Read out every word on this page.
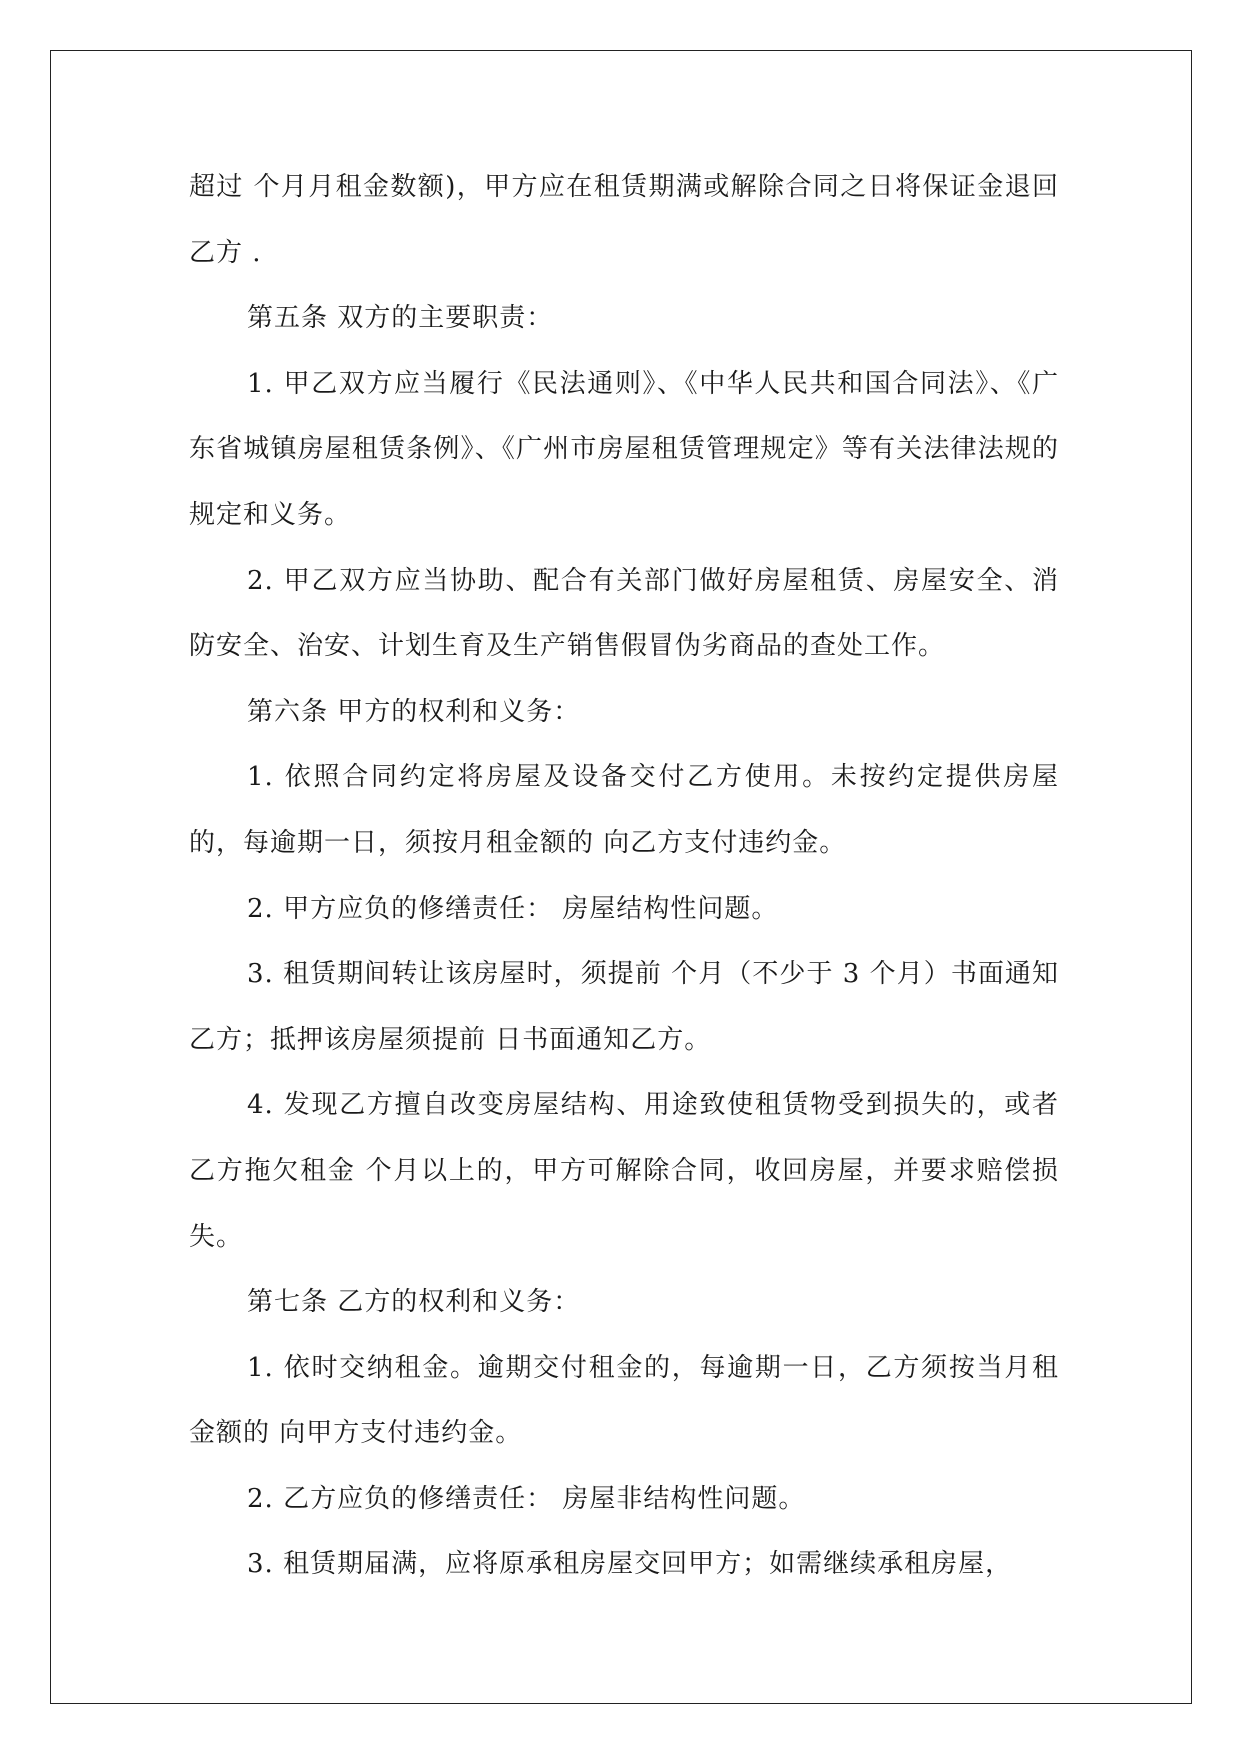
超过 个月月租金数额)，甲方应在租赁期满或解除合同之日将保证金退回乙方 .

第五条 双方的主要职责：

1. 甲乙双方应当履行《民法通则》、《中华人民共和国合同法》、《广东省城镇房屋租赁条例》、《广州市房屋租赁管理规定》等有关法律法规的规定和义务。

2. 甲乙双方应当协助、配合有关部门做好房屋租赁、房屋安全、消防安全、治安、计划生育及生产销售假冒伪劣商品的查处工作。

第六条 甲方的权利和义务：

1. 依照合同约定将房屋及设备交付乙方使用。未按约定提供房屋的，每逾期一日，须按月租金额的 向乙方支付违约金。

2. 甲方应负的修缮责任： 房屋结构性问题。

3. 租赁期间转让该房屋时，须提前 个月（不少于 3 个月）书面通知乙方；抵押该房屋须提前 日书面通知乙方。

4. 发现乙方擅自改变房屋结构、用途致使租赁物受到损失的，或者乙方拖欠租金 个月以上的，甲方可解除合同，收回房屋，并要求赔偿损失。

第七条 乙方的权利和义务：

1. 依时交纳租金。逾期交付租金的，每逾期一日，乙方须按当月租金额的 向甲方支付违约金。

2. 乙方应负的修缮责任： 房屋非结构性问题。

3. 租赁期届满，应将原承租房屋交回甲方；如需继续承租房屋，
